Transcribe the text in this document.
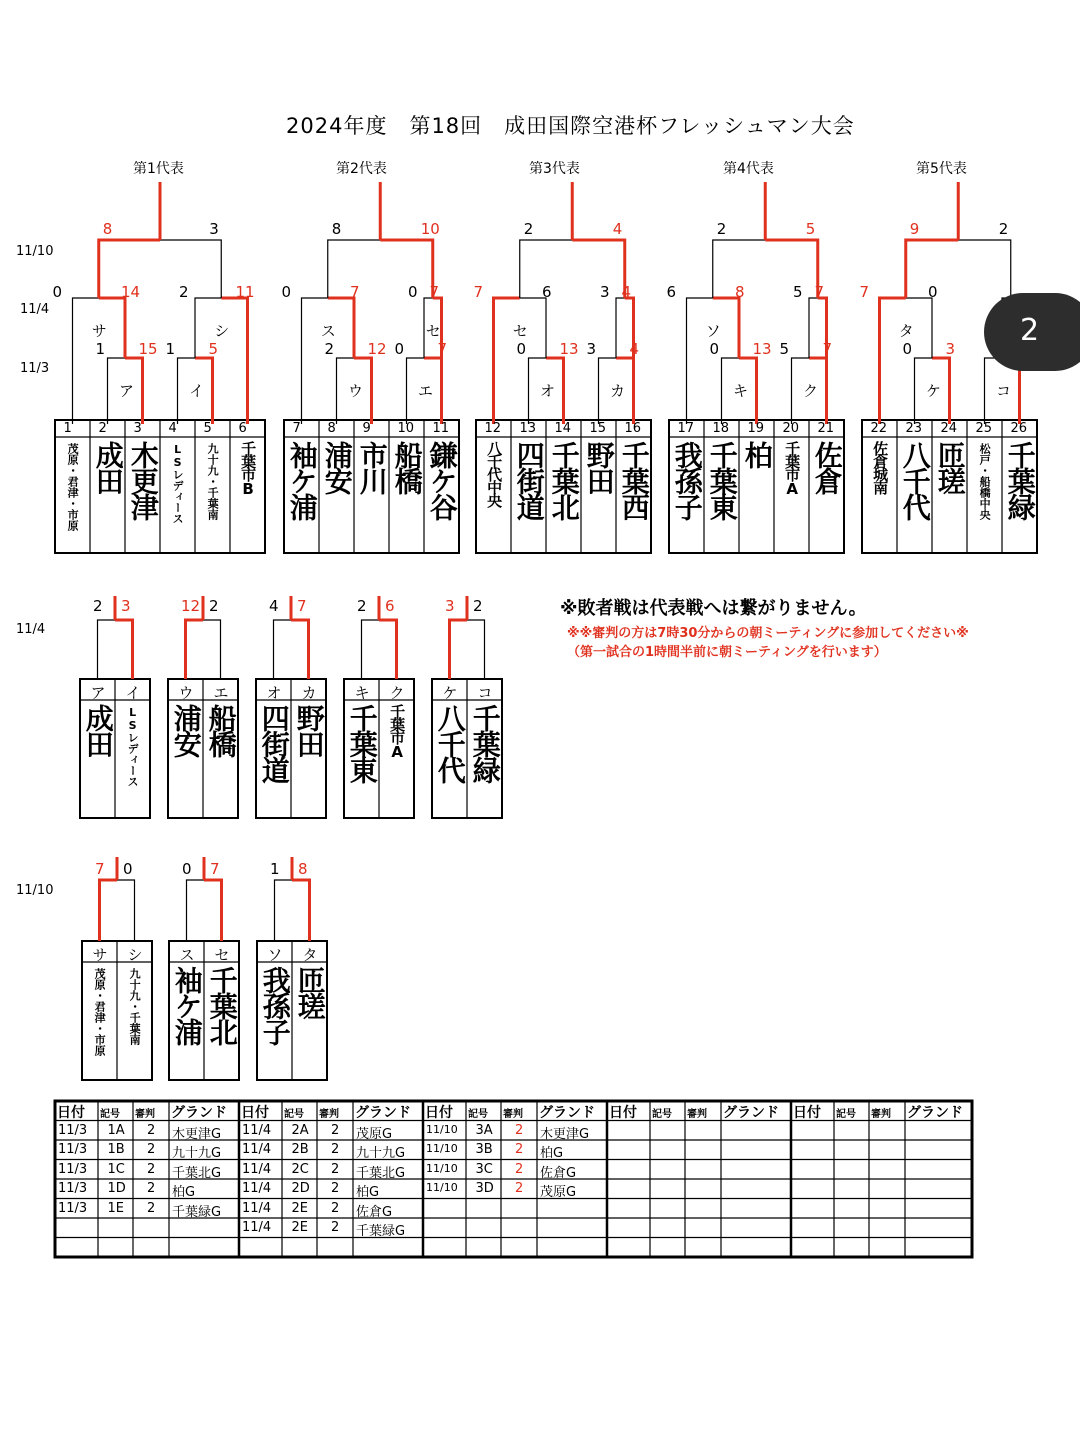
2024年度　第18回　成田国際空港杯フレッシュマン大会
第1代表	第2代表	第3代表	第4代表	第5代表
11/10
11/4
11/3
11/4
11/10
1
茂原・君津・市原
2
成田
3
木更津
4
LSレディース
5
九十九・千葉南
6
千葉市B
7
袖ケ浦
8
浦安
9
市川
10
船橋
11
鎌ケ谷
12
八千代中央
13
四街道
14
千葉北
15
野田
16
千葉西
17
我孫子
18
千葉東
19
柏
20
千葉市A
21
佐倉
22
佐倉城南
23
八千代
24
匝瑳
25
松戸・船橋中央
26
千葉緑
ア	イ
1 15 1 5
0	14	2	11
サ	シ
8	3
ウ	エ
2 12 0 7
0	7	0 7
ス	セ
8	10
オ	カ
0 13 3 4
7	6	3 4
セ
2	4
キ	ク
0 13 5 7
6	8	5 7
ソ
2	5
ケ	コ
0 3
7	0
タ
9	2
2 3
ア イ
成田 LSレディース
12 2
ウ エ
浦安 船橋
4 7
オ カ
四街道 野田
2 6
キ ク
千葉東 千葉市A
3 2
ケ コ
八千代 千葉緑
7 0
サ シ
茂原・君津・市原 九十九・千葉南
0 7
ス セ
袖ケ浦 千葉北
1 8
ソ タ
我孫子 匝瑳
※敗者戦は代表戦へは繋がりません。
※※審判の方は7時30分からの朝ミーティングに参加してください※
（第一試合の1時間半前に朝ミーティングを行います）
日付 記号 審判 グランド
11/3 1A 2 木更津G
11/3 1B 2 九十九G
11/3 1C 2 千葉北G
11/3 1D 2 柏G
11/3 1E 2 千葉緑G
日付 記号 審判 グランド
11/4 2A 2 茂原G
11/4 2B 2 九十九G
11/4 2C 2 千葉北G
11/4 2D 2 柏G
11/4 2E 2 佐倉G
11/4 2E 2 千葉緑G
日付 記号 審判 グランド
11/10 3A 2 木更津G
11/10 3B 2 柏G
11/10 3C 2 佐倉G
11/10 3D 2 茂原G
日付 記号 審判 グランド 日付 記号 審判 グランド
2
